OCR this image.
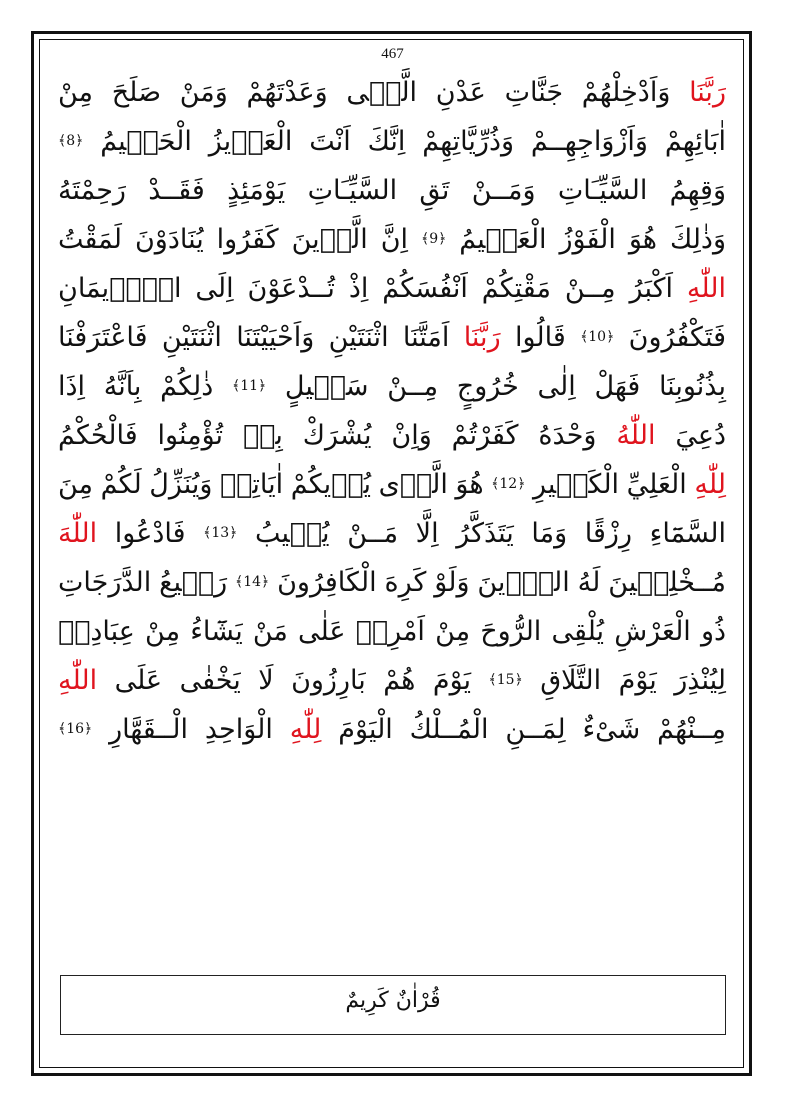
467
رَبَّنَا
وَاَدْخِلْهُمْ
جَنَّاتِ
عَدْنِ
الَّتٖى
وَعَدْتَهُمْ
وَمَنْ
صَلَحَ
مِنْ
اٰبَائِهِمْ
وَاَزْوَاجِهِــمْ
وَذُرِّيَّاتِهِمْ
اِنَّكَ
اَنْتَ
الْعَزٖيزُ
الْحَكٖيمُ
﴿8﴾
وَقِهِمُ
السَّيِّـَاتِ
وَمَــنْ
تَقِ
السَّيِّـَاتِ
يَوْمَئِذٍ
فَقَــدْ
رَحِمْتَهُ
وَذٰلِكَ
هُوَ
الْفَوْزُ
الْعَظٖيمُ
﴿9﴾
اِنَّ
الَّذٖينَ
كَفَرُوا
يُنَادَوْنَ
لَمَقْتُ
اللّٰهِ
اَكْبَرُ
مِــنْ
مَقْتِكُمْ
اَنْفُسَكُمْ
اِذْ
تُــدْعَوْنَ
اِلَى
الْاٖيمَانِ
فَتَكْفُرُونَ
﴿10﴾
قَالُوا
رَبَّنَا
اَمَتَّنَا
اثْنَتَيْنِ
وَاَحْيَيْتَنَا
اثْنَتَيْنِ
فَاعْتَرَفْنَا
بِذُنُوبِنَا
فَهَلْ
اِلٰى
خُرُوجٍ
مِــنْ
سَبٖيلٍ
﴿11﴾
ذٰلِكُمْ
بِاَنَّهُ
اِذَا
دُعِيَ
اللّٰهُ
وَحْدَهُ
كَفَرْتُمْ
وَاِنْ
يُشْرَكْ
بِهٖ
تُؤْمِنُوا
فَالْحُكْمُ
لِلّٰهِ
الْعَلِيِّ
الْكَبٖيرِ
﴿12﴾
هُوَ
الَّذٖى
يُرٖيكُمْ
اٰيَاتِهٖ
وَيُنَزِّلُ
لَكُمْ
مِنَ
السَّمَٓاءِ
رِزْقًا
وَمَا
يَتَذَكَّرُ
اِلَّا
مَــنْ
يُنٖيبُ
﴿13﴾
فَادْعُوا
اللّٰهَ
مُــخْلِصٖينَ
لَهُ
الدّٖينَ
وَلَوْ
كَرِهَ
الْكَافِرُونَ
﴿14﴾
رَفٖيعُ
الدَّرَجَاتِ
ذُو
الْعَرْشِ
يُلْقِى
الرُّوحَ
مِنْ
اَمْرِهٖ
عَلٰى
مَنْ
يَشَٓاءُ
مِنْ
عِبَادِهٖ
لِيُنْذِرَ
يَوْمَ
التَّلَاقِ
﴿15﴾
يَوْمَ
هُمْ
بَارِزُونَ
لَا
يَخْفٰى
عَلَى
اللّٰهِ
مِــنْهُمْ
شَیْءٌ
لِمَــنِ
الْمُــلْكُ
الْيَوْمَ
لِلّٰهِ
الْوَاحِدِ
الْــقَهَّارِ
﴿16﴾
قُرْاٰنٌ كَرِيمٌ
